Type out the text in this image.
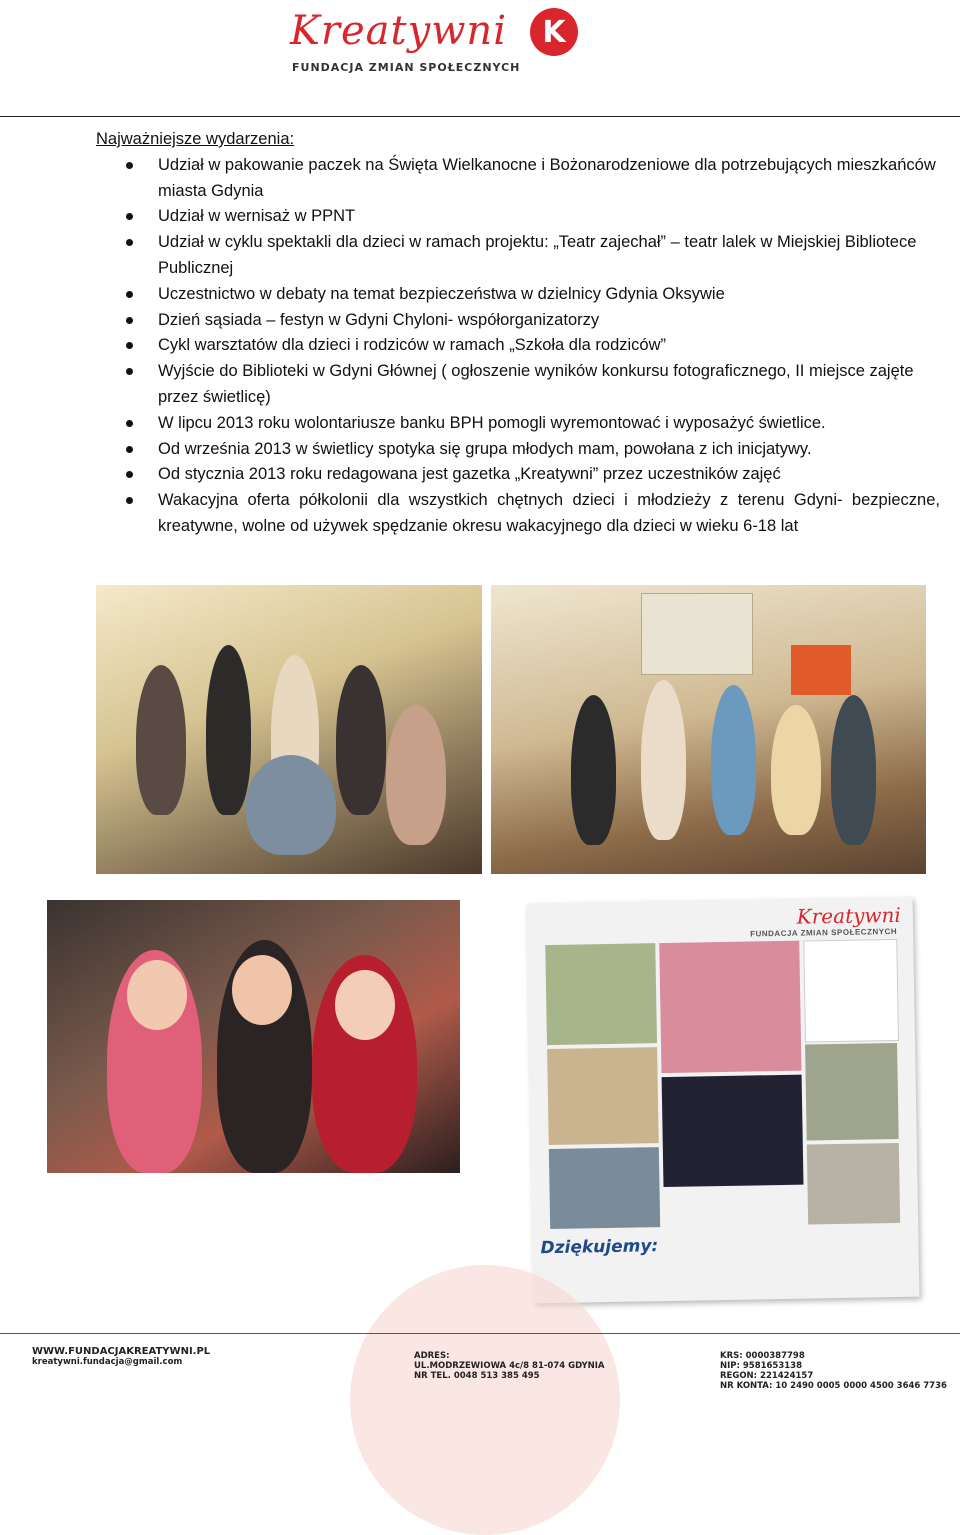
Kreatywni	K
FUNDACJA ZMIAN SPOŁECZNYCH
Najważniejsze wydarzenia:
Udział w pakowanie paczek na Święta Wielkanocne i Bożonarodzeniowe dla potrzebujących mieszkańców miasta Gdynia
Udział w wernisaż w PPNT
Udział w cyklu spektakli dla dzieci w ramach projektu: „Teatr zajechał” – teatr lalek w Miejskiej Bibliotece Publicznej
Uczestnictwo w debaty na temat bezpieczeństwa w dzielnicy Gdynia Oksywie
Dzień sąsiada – festyn w Gdyni Chyloni- współorganizatorzy
Cykl warsztatów dla dzieci i rodziców w ramach „Szkoła dla rodziców”
Wyjście do Biblioteki w Gdyni Głównej ( ogłoszenie wyników konkursu fotograficznego, II miejsce zajęte przez świetlicę)
W lipcu 2013 roku wolontariusze banku BPH pomogli wyremontować i wyposażyć świetlice.
Od września 2013 w świetlicy spotyka się grupa młodych mam, powołana z ich inicjatywy.
Od stycznia 2013 roku redagowana jest gazetka „Kreatywni” przez uczestników zajęć
Wakacyjna oferta półkolonii dla wszystkich chętnych dzieci i młodzieży z terenu Gdyni- bezpieczne, kreatywne, wolne od używek spędzanie okresu wakacyjnego dla dzieci w wieku 6-18 lat
Kreatywni
FUNDACJA ZMIAN SPOŁECZNYCH
Dziękujemy:
WWW.FUNDACJAKREATYWNI.PL
kreatywni.fundacja@gmail.com
ADRES:
UL.MODRZEWIOWA 4c/8 81-074 GDYNIA
NR TEL. 0048 513 385 495
KRS: 0000387798
NIP: 9581653138
REGON: 221424157
NR KONTA: 10 2490 0005 0000 4500 3646 7736
